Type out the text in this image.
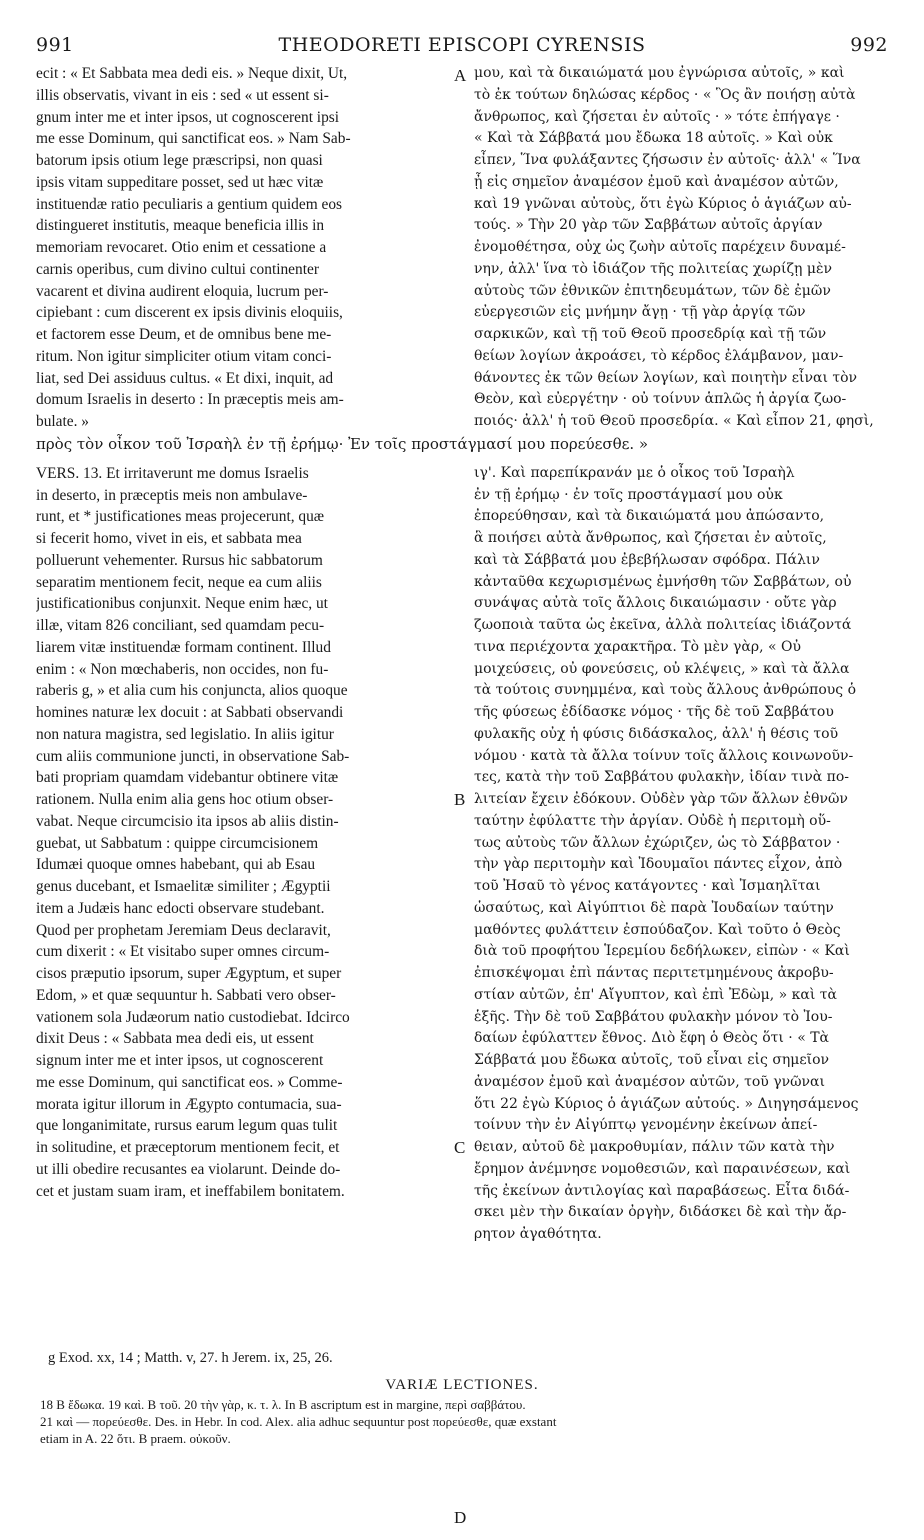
991	THEODORETI EPISCOPI CYRENSIS	992
A
B
C
D
ecit : « Et Sabbata mea dedi eis. » Neque dixit, Ut,
illis observatis, vivant in eis : sed « ut essent si-
gnum inter me et inter ipsos, ut cognoscerent ipsi
me esse Dominum, qui sanctificat eos. » Nam Sab-
batorum ipsis otium lege præscripsi, non quasi
ipsis vitam suppeditare posset, sed ut hæc vitæ
instituendæ ratio peculiaris a gentium quidem eos
distingueret institutis, meaque beneficia illis in
memoriam revocaret. Otio enim et cessatione a
carnis operibus, cum divino cultui continenter
vacarent et divina audirent eloquia, lucrum per-
cipiebant : cum discerent ex ipsis divinis eloquiis,
et factorem esse Deum, et de omnibus bene me-
ritum. Non igitur simpliciter otium vitam conci-
liat, sed Dei assiduus cultus. « Et dixi, inquit, ad
domum Israelis in deserto : In præceptis meis am-
bulate. »
VERS. 13. Et irritaverunt me domus Israelis
in deserto, in præceptis meis non ambulave-
runt, et * justificationes meas projecerunt, quæ
si fecerit homo, vivet in eis, et sabbata mea
polluerunt vehementer. Rursus hic sabbatorum
separatim mentionem fecit, neque ea cum aliis
justificationibus conjunxit. Neque enim hæc, ut
illæ, vitam 826 conciliant, sed quamdam pecu-
liarem vitæ instituendæ formam continent. Illud
enim : « Non mœchaberis, non occides, non fu-
raberis g, » et alia cum his conjuncta, alios quoque
homines naturæ lex docuit : at Sabbati observandi
non natura magistra, sed legislatio. In aliis igitur
cum aliis communione juncti, in observatione Sab-
bati propriam quamdam videbantur obtinere vitæ
rationem. Nulla enim alia gens hoc otium obser-
vabat. Neque circumcisio ita ipsos ab aliis distin-
guebat, ut Sabbatum : quippe circumcisionem
Idumæi quoque omnes habebant, qui ab Esau
genus ducebant, et Ismaelitæ similiter ; Ægyptii
item a Judæis hanc edocti observare studebant.
Quod per prophetam Jeremiam Deus declaravit,
cum dixerit : « Et visitabo super omnes circum-
cisos præputio ipsorum, super Ægyptum, et super
Edom, » et quæ sequuntur h. Sabbati vero obser-
vationem sola Judæorum natio custodiebat. Idcirco
dixit Deus : « Sabbata mea dedi eis, ut essent
signum inter me et inter ipsos, ut cognoscerent
me esse Dominum, qui sanctificat eos. » Comme-
morata igitur illorum in Ægypto contumacia, sua-
que longanimitate, rursus earum legum quas tulit
in solitudine, et præceptorum mentionem fecit, et
ut illi obedire recusantes ea violarunt. Deinde do-
cet et justam suam iram, et ineffabilem bonitatem.
μου, καὶ τὰ δικαιώματά μου ἐγνώρισα αὐτοῖς, » καὶ
τὸ ἐκ τούτων δηλώσας κέρδος · « Ὃς ἂν ποιήσῃ αὐτὰ
ἄνθρωπος, καὶ ζήσεται ἐν αὐτοῖς · » τότε ἐπήγαγε ·
« Καὶ τὰ Σάββατά μου ἔδωκα 18 αὐτοῖς. » Καὶ οὐκ
εἶπεν, Ἵνα φυλάξαντες ζήσωσιν ἐν αὐτοῖς· ἀλλ' « Ἵνα
ᾖ εἰς σημεῖον ἀναμέσον ἐμοῦ καὶ ἀναμέσον αὐτῶν,
καὶ 19 γνῶναι αὐτοὺς, ὅτι ἐγὼ Κύριος ὁ ἁγιάζων αὐ-
τούς. » Τὴν 20 γὰρ τῶν Σαββάτων αὐτοῖς ἀργίαν
ἐνομοθέτησα, οὐχ ὡς ζωὴν αὐτοῖς παρέχειν δυναμέ-
νην, ἀλλ' ἵνα τὸ ἰδιάζον τῆς πολιτείας χωρίζῃ μὲν
αὐτοὺς τῶν ἐθνικῶν ἐπιτηδευμάτων, τῶν δὲ ἐμῶν
εὐεργεσιῶν εἰς μνήμην ἄγῃ · τῇ γὰρ ἀργίᾳ τῶν
σαρκικῶν, καὶ τῇ τοῦ Θεοῦ προσεδρίᾳ καὶ τῇ τῶν
θείων λογίων ἀκροάσει, τὸ κέρδος ἐλάμβανον, μαν-
θάνοντες ἐκ τῶν θείων λογίων, καὶ ποιητὴν εἶναι τὸν
Θεὸν, καὶ εὐεργέτην · οὐ τοίνυν ἁπλῶς ἡ ἀργία ζωο-
ποιός· ἀλλ' ἡ τοῦ Θεοῦ προσεδρία. « Καὶ εἶπον 21, φησὶ,
ιγ'. Καὶ παρεπίκρανάν με ὁ οἶκος τοῦ Ἰσραὴλ
ἐν τῇ ἐρήμῳ · ἐν τοῖς προστάγμασί μου οὐκ
ἐπορεύθησαν, καὶ τὰ δικαιώματά μου ἀπώσαντο,
ἃ ποιήσει αὐτὰ ἄνθρωπος, καὶ ζήσεται ἐν αὐτοῖς,
καὶ τὰ Σάββατά μου ἐβεβήλωσαν σφόδρα. Πάλιν
κἀνταῦθα κεχωρισμένως ἐμνήσθη τῶν Σαββάτων, οὐ
συνάψας αὐτὰ τοῖς ἄλλοις δικαιώμασιν · οὔτε γὰρ
ζωοποιὰ ταῦτα ὡς ἐκεῖνα, ἀλλὰ πολιτείας ἰδιάζοντά
τινα περιέχοντα χαρακτῆρα. Τὸ μὲν γὰρ, « Οὐ
μοιχεύσεις, οὐ φονεύσεις, οὐ κλέψεις, » καὶ τὰ ἄλλα
τὰ τούτοις συνημμένα, καὶ τοὺς ἄλλους ἀνθρώπους ὁ
τῆς φύσεως ἐδίδασκε νόμος · τῆς δὲ τοῦ Σαββάτου
φυλακῆς οὐχ ἡ φύσις διδάσκαλος, ἀλλ' ἡ θέσις τοῦ
νόμου · κατὰ τὰ ἄλλα τοίνυν τοῖς ἄλλοις κοινωνοῦν-
τες, κατὰ τὴν τοῦ Σαββάτου φυλακὴν, ἰδίαν τινὰ πο-
λιτείαν ἔχειν ἐδόκουν. Οὐδὲν γὰρ τῶν ἄλλων ἐθνῶν
ταύτην ἐφύλαττε τὴν ἀργίαν. Οὐδὲ ἡ περιτομὴ οὕ-
τως αὐτοὺς τῶν ἄλλων ἐχώριζεν, ὡς τὸ Σάββατον ·
τὴν γὰρ περιτομὴν καὶ Ἰδουμαῖοι πάντες εἶχον, ἀπὸ
τοῦ Ἠσαῦ τὸ γένος κατάγοντες · καὶ Ἰσμαηλῖται
ὡσαύτως, καὶ Αἰγύπτιοι δὲ παρὰ Ἰουδαίων ταύτην
μαθόντες φυλάττειν ἐσπούδαζον. Καὶ τοῦτο ὁ Θεὸς
διὰ τοῦ προφήτου Ἱερεμίου δεδήλωκεν, εἰπὼν · « Καὶ
ἐπισκέψομαι ἐπὶ πάντας περιτετμημένους ἀκροβυ-
στίαν αὐτῶν, ἐπ' Αἴγυπτον, καὶ ἐπὶ Ἐδὼμ, » καὶ τὰ
ἑξῆς. Τὴν δὲ τοῦ Σαββάτου φυλακὴν μόνον τὸ Ἰου-
δαίων ἐφύλαττεν ἔθνος. Διὸ ἔφη ὁ Θεὸς ὅτι · « Τὰ
Σάββατά μου ἔδωκα αὐτοῖς, τοῦ εἶναι εἰς σημεῖον
ἀναμέσον ἐμοῦ καὶ ἀναμέσον αὐτῶν, τοῦ γνῶναι
ὅτι 22 ἐγὼ Κύριος ὁ ἁγιάζων αὐτούς. » Διηγησάμενος
τοίνυν τὴν ἐν Αἰγύπτῳ γενομένην ἐκείνων ἀπεί-
θειαν, αὐτοῦ δὲ μακροθυμίαν, πάλιν τῶν κατὰ τὴν
ἔρημον ἀνέμνησε νομοθεσιῶν, καὶ παραινέσεων, καὶ
τῆς ἐκείνων ἀντιλογίας καὶ παραβάσεως. Εἶτα διδά-
σκει μὲν τὴν δικαίαν ὀργὴν, διδάσκει δὲ καὶ τὴν ἄρ-
ρητον ἀγαθότητα.
πρὸς τὸν οἶκον τοῦ Ἰσραὴλ ἐν τῇ ἐρήμῳ· Ἐν τοῖς προστάγμασί μου πορεύεσθε. »
g Exod. xx, 14 ; Matth. v, 27. h Jerem. ix, 25, 26.
VARIÆ LECTIONES.
18 B ἔδωκα. 19 καὶ. B τοῦ. 20 τὴν γὰρ, κ. τ. λ. In B ascriptum est in margine, περὶ σαββάτου.
21 καὶ — πορεύεσθε. Des. in Hebr. In cod. Alex. alia adhuc sequuntur post πορεύεσθε, quæ exstant
etiam in A. 22 ὅτι. B praem. οὐκοῦν.
